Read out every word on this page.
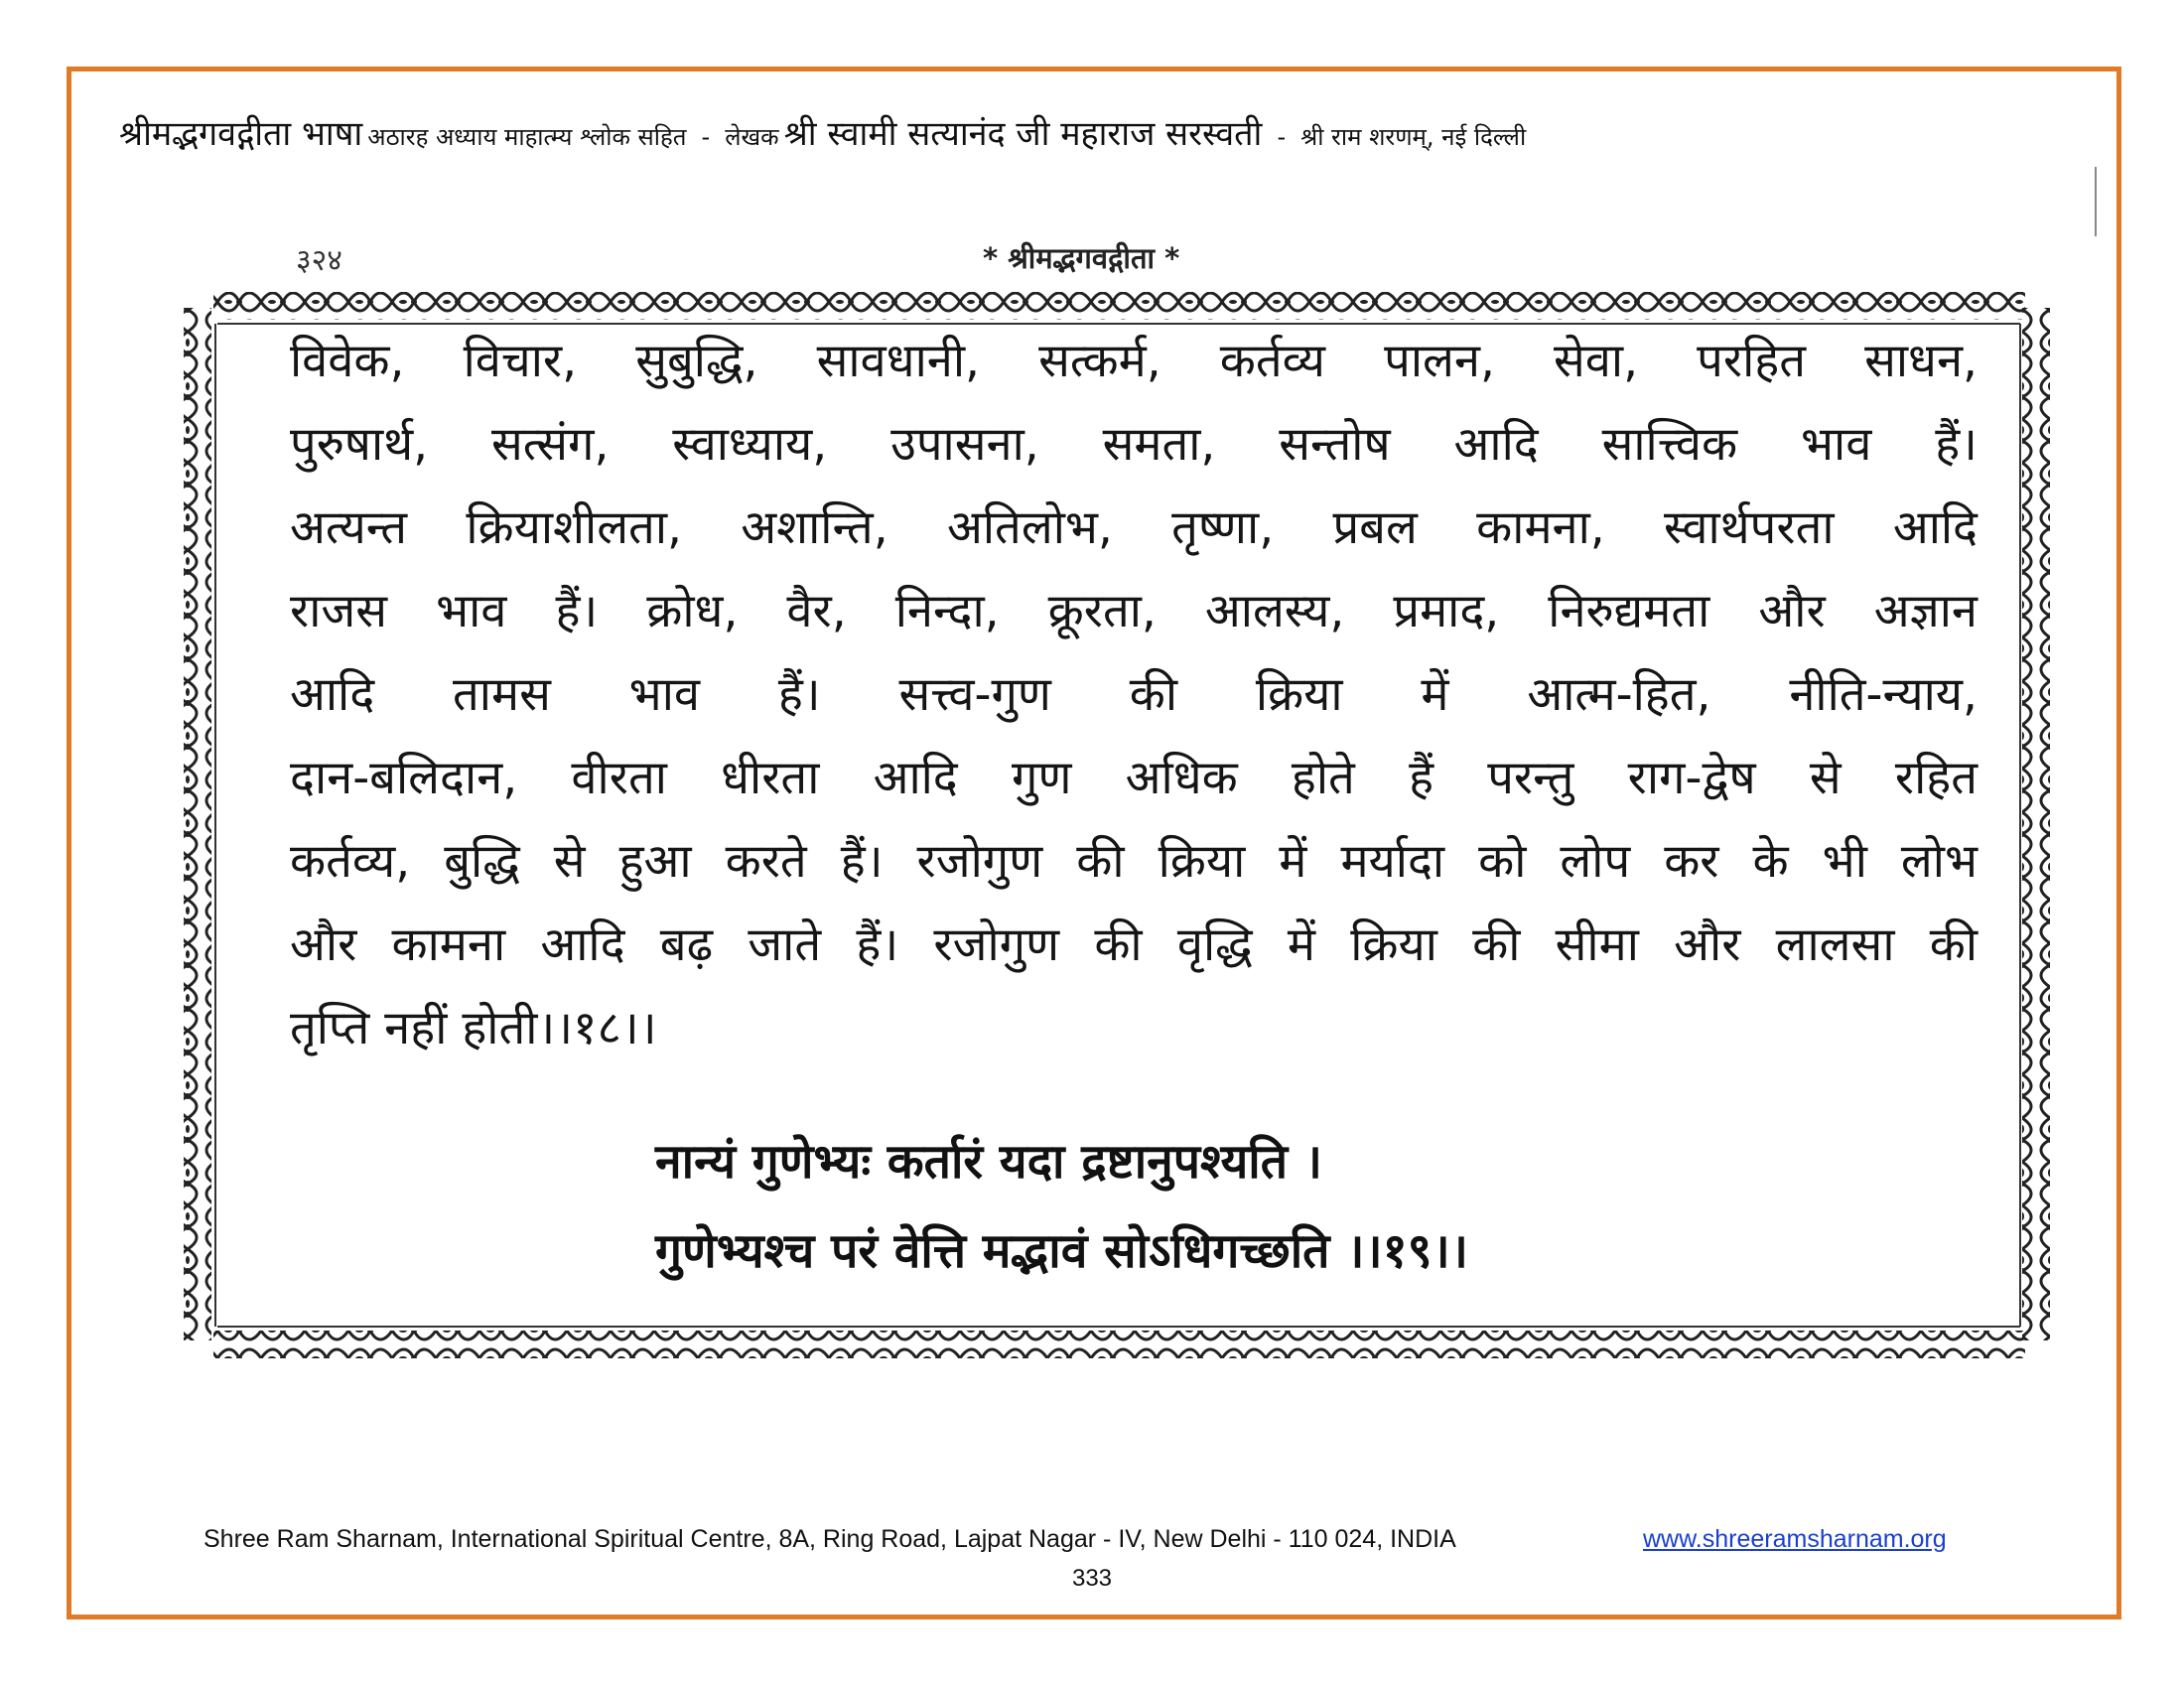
श्रीमद्भगवद्गीता भाषा अठारह अध्याय माहात्म्य श्लोक सहित - लेखक श्री स्वामी सत्यानंद जी महाराज सरस्वती - श्री राम शरणम्, नई दिल्ली
३२४	* श्रीमद्भगवद्गीता *
विवेक, विचार, सुबुद्धि, सावधानी, सत्कर्म, कर्तव्य पालन, सेवा, परहित साधन,
पुरुषार्थ, सत्संग, स्वाध्याय, उपासना, समता, सन्तोष आदि सात्त्विक भाव हैं।
अत्यन्त क्रियाशीलता, अशान्ति, अतिलोभ, तृष्णा, प्रबल कामना, स्वार्थपरता आदि
राजस भाव हैं। क्रोध, वैर, निन्दा, क्रूरता, आलस्य, प्रमाद, निरुद्यमता और अज्ञान
आदि तामस भाव हैं। सत्त्व-गुण की क्रिया में आत्म-हित, नीति-न्याय,
दान-बलिदान, वीरता धीरता आदि गुण अधिक होते हैं परन्तु राग-द्वेष से रहित
कर्तव्य, बुद्धि से हुआ करते हैं। रजोगुण की क्रिया में मर्यादा को लोप कर के भी लोभ
और कामना आदि बढ़ जाते हैं। रजोगुण की वृद्धि में क्रिया की सीमा और लालसा की
तृप्ति नहीं होती।।१८।।
नान्यं गुणेभ्यः कर्तारं यदा द्रष्टानुपश्यति ।
गुणेभ्यश्च परं वेत्ति मद्भावं सोऽधिगच्छति ।।१९।।
Shree Ram Sharnam, International Spiritual Centre, 8A, Ring Road, Lajpat Nagar - IV, New Delhi - 110 024, INDIA	www.shreeramsharnam.org
333
